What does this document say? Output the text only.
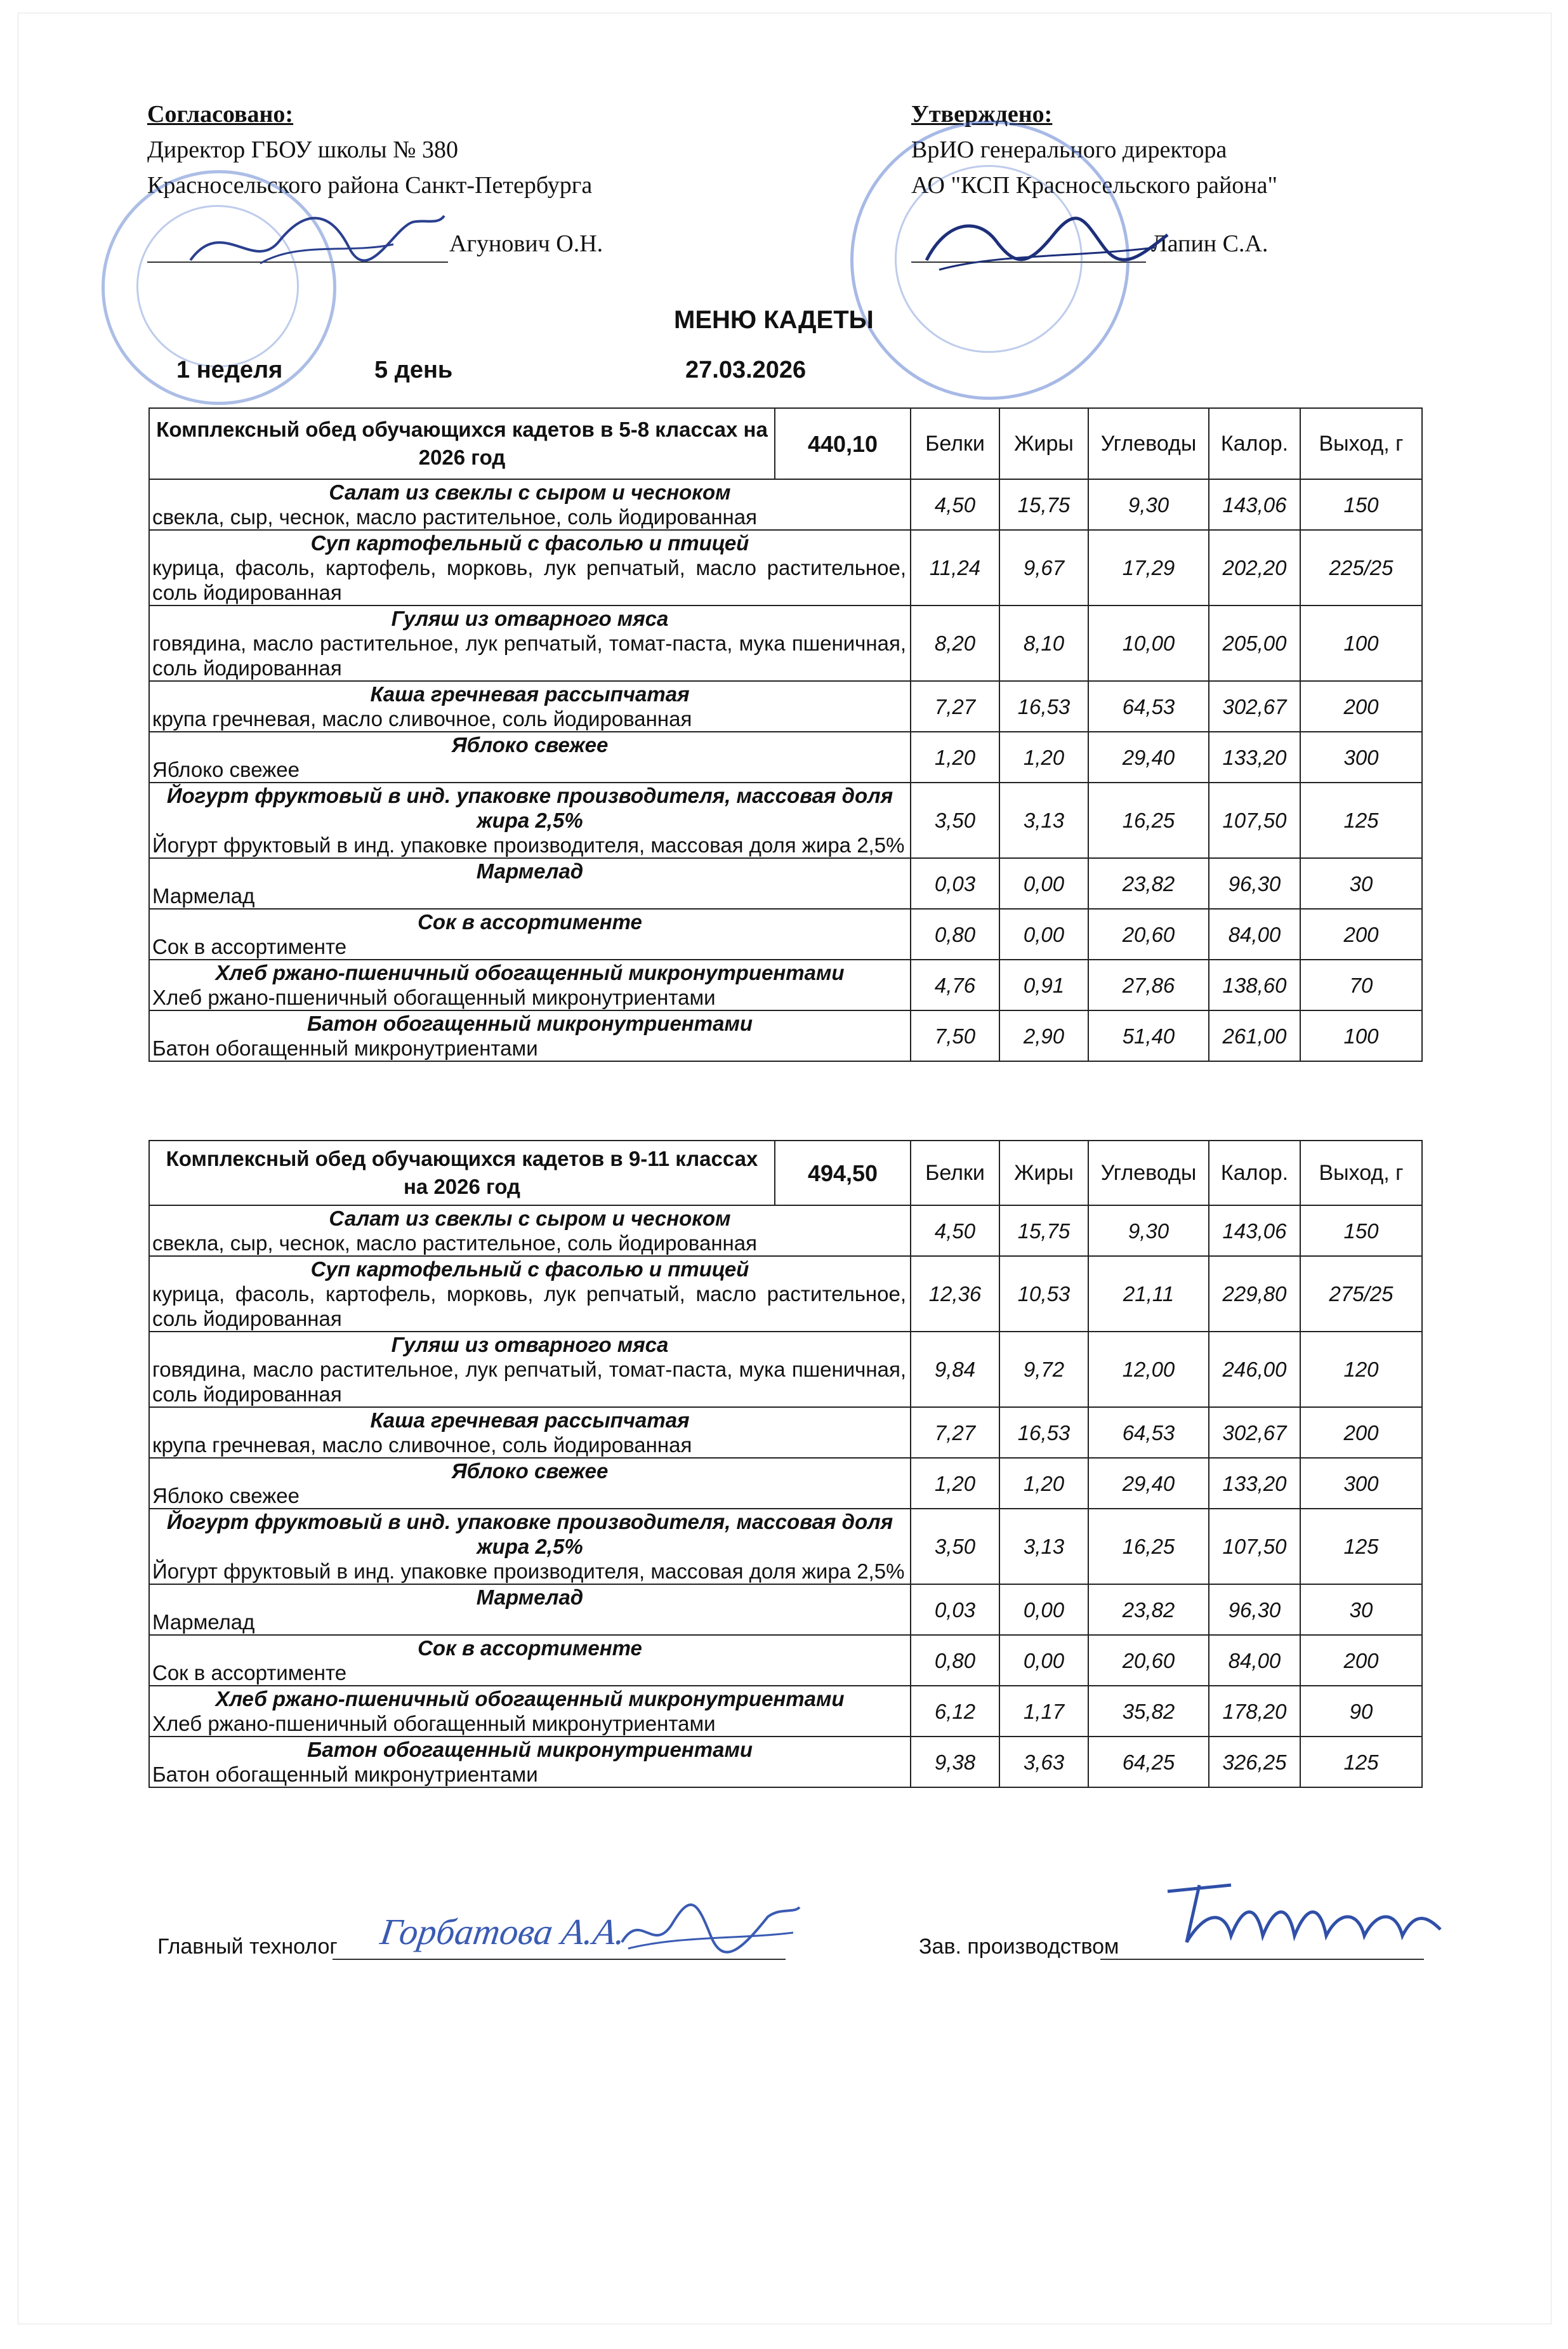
Согласовано:
Директор ГБОУ школы № 380
Красносельского района Санкт-Петербурга
Агунович О.Н.
Утверждено:
ВрИО генерального директора
АО "КСП Красносельского района"
Лапин С.А.
МЕНЮ КАДЕТЫ
1 неделя	5 день	27.03.2026
Комплексный обед обучающихся кадетов в 5-8 классах на 2026 год	440,10	Белки	Жиры	Углеводы	Калор.	Выход, г

Салат из свеклы с сыром и чесноком
свекла, сыр, чеснок, масло растительное, соль йодированная		4,50	15,75	9,30	143,06	150

Суп картофельный с фасолью и птицей
курица, фасоль, картофель, морковь, лук репчатый, масло растительное, соль йодированная		11,24	9,67	17,29	202,20	225/25

Гуляш из отварного мяса
говядина, масло растительное, лук репчатый, томат-паста, мука пшеничная, соль йодированная		8,20	8,10	10,00	205,00	100

Каша гречневая рассыпчатая
крупа гречневая, масло сливочное, соль йодированная		7,27	16,53	64,53	302,67	200

Яблоко свежее
Яблоко свежее		1,20	1,20	29,40	133,20	300

Йогурт фруктовый в инд. упаковке производителя, массовая доля жира 2,5%
Йогурт фруктовый в инд. упаковке производителя, массовая доля жира 2,5%		3,50	3,13	16,25	107,50	125

Мармелад
Мармелад		0,03	0,00	23,82	96,30	30

Сок в ассортименте
Сок в ассортименте		0,80	0,00	20,60	84,00	200

Хлеб ржано-пшеничный обогащенный микронутриентами
Хлеб ржано-пшеничный обогащенный микронутриентами		4,76	0,91	27,86	138,60	70

Батон обогащенный микронутриентами
Батон обогащенный микронутриентами		7,50	2,90	51,40	261,00	100
Комплексный обед обучающихся кадетов в 9-11 классах на 2026 год	494,50	Белки	Жиры	Углеводы	Калор.	Выход, г

Салат из свеклы с сыром и чесноком
свекла, сыр, чеснок, масло растительное, соль йодированная		4,50	15,75	9,30	143,06	150

Суп картофельный с фасолью и птицей
курица, фасоль, картофель, морковь, лук репчатый, масло растительное, соль йодированная		12,36	10,53	21,11	229,80	275/25

Гуляш из отварного мяса
говядина, масло растительное, лук репчатый, томат-паста, мука пшеничная, соль йодированная		9,84	9,72	12,00	246,00	120

Каша гречневая рассыпчатая
крупа гречневая, масло сливочное, соль йодированная		7,27	16,53	64,53	302,67	200

Яблоко свежее
Яблоко свежее		1,20	1,20	29,40	133,20	300

Йогурт фруктовый в инд. упаковке производителя, массовая доля жира 2,5%
Йогурт фруктовый в инд. упаковке производителя, массовая доля жира 2,5%		3,50	3,13	16,25	107,50	125

Мармелад
Мармелад		0,03	0,00	23,82	96,30	30

Сок в ассортименте
Сок в ассортименте		0,80	0,00	20,60	84,00	200

Хлеб ржано-пшеничный обогащенный микронутриентами
Хлеб ржано-пшеничный обогащенный микронутриентами		6,12	1,17	35,82	178,20	90

Батон обогащенный микронутриентами
Батон обогащенный микронутриентами		9,38	3,63	64,25	326,25	125
Главный технолог Горбатова А.А.	Зав. производством
